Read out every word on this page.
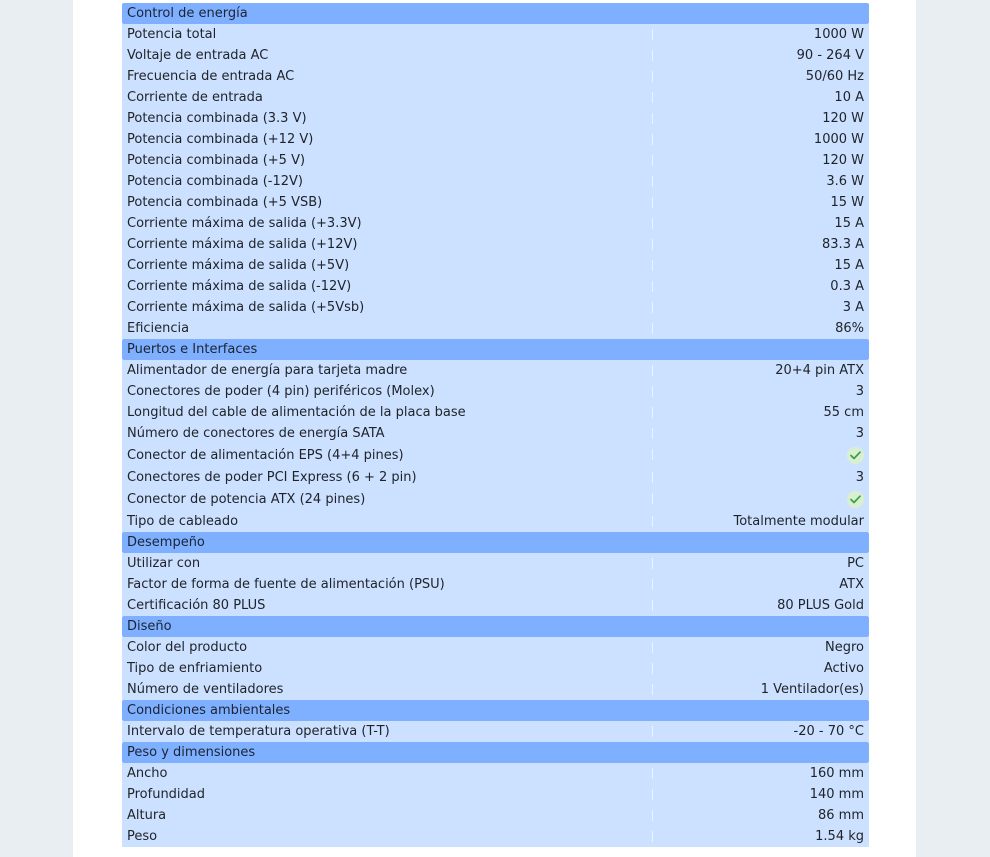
Control de energía
Potencia total	1000 W
Voltaje de entrada AC	90 - 264 V
Frecuencia de entrada AC	50/60 Hz
Corriente de entrada	10 A
Potencia combinada (3.3 V)	120 W
Potencia combinada (+12 V)	1000 W
Potencia combinada (+5 V)	120 W
Potencia combinada (-12V)	3.6 W
Potencia combinada (+5 VSB)	15 W
Corriente máxima de salida (+3.3V)	15 A
Corriente máxima de salida (+12V)	83.3 A
Corriente máxima de salida (+5V)	15 A
Corriente máxima de salida (-12V)	0.3 A
Corriente máxima de salida (+5Vsb)	3 A
Eficiencia	86%
Puertos e Interfaces
Alimentador de energía para tarjeta madre	20+4 pin ATX
Conectores de poder (4 pin) periféricos (Molex)	3
Longitud del cable de alimentación de la placa base	55 cm
Número de conectores de energía SATA	3
Conector de alimentación EPS (4+4 pines)
Conectores de poder PCI Express (6 + 2 pin)	3
Conector de potencia ATX (24 pines)
Tipo de cableado	Totalmente modular
Desempeño
Utilizar con	PC
Factor de forma de fuente de alimentación (PSU)	ATX
Certificación 80 PLUS	80 PLUS Gold
Diseño
Color del producto	Negro
Tipo de enfriamiento	Activo
Número de ventiladores	1 Ventilador(es)
Condiciones ambientales
Intervalo de temperatura operativa (T-T)	-20 - 70 °C
Peso y dimensiones
Ancho	160 mm
Profundidad	140 mm
Altura	86 mm
Peso	1.54 kg
